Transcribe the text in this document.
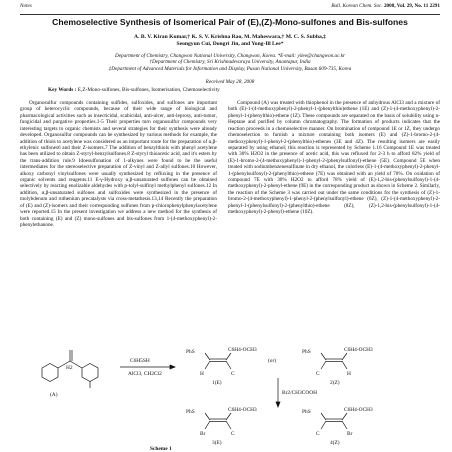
Notes	Bull. Korean Chem. Soc. 2008, Vol. 29, No. 11 2291
Chemoselective Synthesis of Isomerical Pair of (E),(Z)-Mono-sulfones and Bis-sulfones
A. B. V. Kiran Kumar,† K. S. V. Krishna Rao, M. Maheswara,† M. C. S. Subha,‡
Seongyun Cui, Dongri Jin, and Yong-Ill Lee*
Department of Chemistry, Changwon National University, Changwon, Korea. *E-mail: yilee@changwon.ac.kr
†Department of Chemistry, Sri Krishnadevaraya University, Anantapur, India
‡Department of Advanced Materials for Information and Display, Pusan National University, Busan 609-735, Korea
Received May 28, 2008
Key Words : E,Z-Mono-sulfones, Bis-sulfones, Isomerisation, Chemoselectivity

Organosulfur compounds containing sulfides, sulfoxides, and sulfones are important group of heterocyclic compounds, because of their wide range of biological and pharmacological activities such as insecticidal, scabicidal, anti-ulcer, anti-leprosy, anti-tumor, fungicidal and purgative properties.1-5 Their properties turn organosulfur compounds very interesting targets to organic chemists and several strategies for their synthesis were already developed. Organosulfur compounds can be synthesized by various methods for example, the addition of thiols to acetylene was considered as an important route for the preparation of α,β-ethylenic sulfones6 and their Z-isomers.7 The addition of benzylthiols with phenyl acetylene has been utilized to obtain Z-styryl-benzylsulfones.8 Z-styryl thioacetic acid, and it's esters by the trans-addition rule.9 Idoesulfonation of 1-alkynes were found to be the useful intermediates for the stereoselective preparation of Z-vinyl and Z-allyl sulfones.10 However, alkoxy carbonyl vinylsulfones were usually synthesized by refluxing in the presence of organic solvents and reagents.11 E-γ-Hydroxy α,β-unsaturated sulfones can be obtained selectively by reacting enolizable aldehydes with p-tolyl-sulfinyl methylphenyl sulfones.12 In addition, α,β-unsaturated sulfones and sulfoxides were synthesized in the presence of molybdenum and ruthenium precatalysts via cross-metathesis.13,14 Recently the preparation of (E) and (Z)-isomers and their corresponding sulfones from p-chlorophenylphenylacetylene were reported.15 In the present investigation we address a new method for the synthesis of both containing (E) and (Z) mono-sulfones and bis-sulfones from 1-(4-methoxyphenyl)-2-phenylethanone.

Compound (A) was treated with thiophenol in the presence of anhydrous AlCl3 and a mixture of both (E)-1-(4-methoxyphenyl)-2-phenyl-1-(phenylthio)ethene (1E) and (Z)-1-(4-methoxyphenyl)-2-phenyl-1-(phenylthio)-ethene (1Z). These compounds are separated on the basis of solubility using n-Heptane and purified by column chromatography. The formation of products indicates that the reaction proceeds in a chemoselective manner. On bromination of compound 1E or 1Z, they undergo chemoselection to furnish a mixture containing both isomers (E) and (Z)-1-bromo-2-(4-methoxyphenyl)-1-phenyl-2-(phenylthio)-ethenes (3E and 4Z). The resulting isomers are easily separated by using ethanol; this reaction is represented by Scheme 1.16 Compound 1E was treated with 30% H2O2 in the presence of acetic acid, this was refluxed for 2-3 h to afford 82% yield of (E)-1-bromo-2-(4-methoxyphenyl)-1-phenyl-2-(phenylsulfonyl)-ethene (5E). Compound 5E when treated with sodiumbenzenesulfinate in dry ethanol, the colorless (E)-1-(4-methoxyphenyl)-2-phenyl-1-(phenylsulfonyl)-2-(phenylthio)-ethene (7E) was obtained with an yield of 70%. On oxidation of compound 7E with 30% H2O2 to afford 78% yield of (E)-1,2-bis-(phenylsulfonyl)-1-(4-methoxyphenyl)-2-phenyl-ethene (9E) in the corresponding product as shown in Scheme 2. Similarly, the reaction of the Scheme 3 was carried out under the same conditions for the synthesis of (Z)-1-bromo-2-(4-methoxyphenyl)-1-phenyl-2-(phenylsulfonyl)-ethene (6Z), (Z)-1-(4-methoxyphenyl)-2-phenyl-1-(phenylsulfonyl)-2-(phenylthio)-ethene (8Z), (Z)-1,2-bis-(phenylsulfonyl)-1-(4-methoxyphenyl)-2-phenyl)-ethene (10Z).

H2
(A)
C6H5SH
AlCl3, CH2Cl2
PhS	C6H4-OCH3
H	C
1(E)
(or)
PhS	C6H4-OCH3
C	H
2(Z)
Br2/CH3COOH
PhS	C6H4-OCH3
Br	C
3(E)
PhS	C6H4-OCH3
C	Br
4(Z)
Scheme 1
